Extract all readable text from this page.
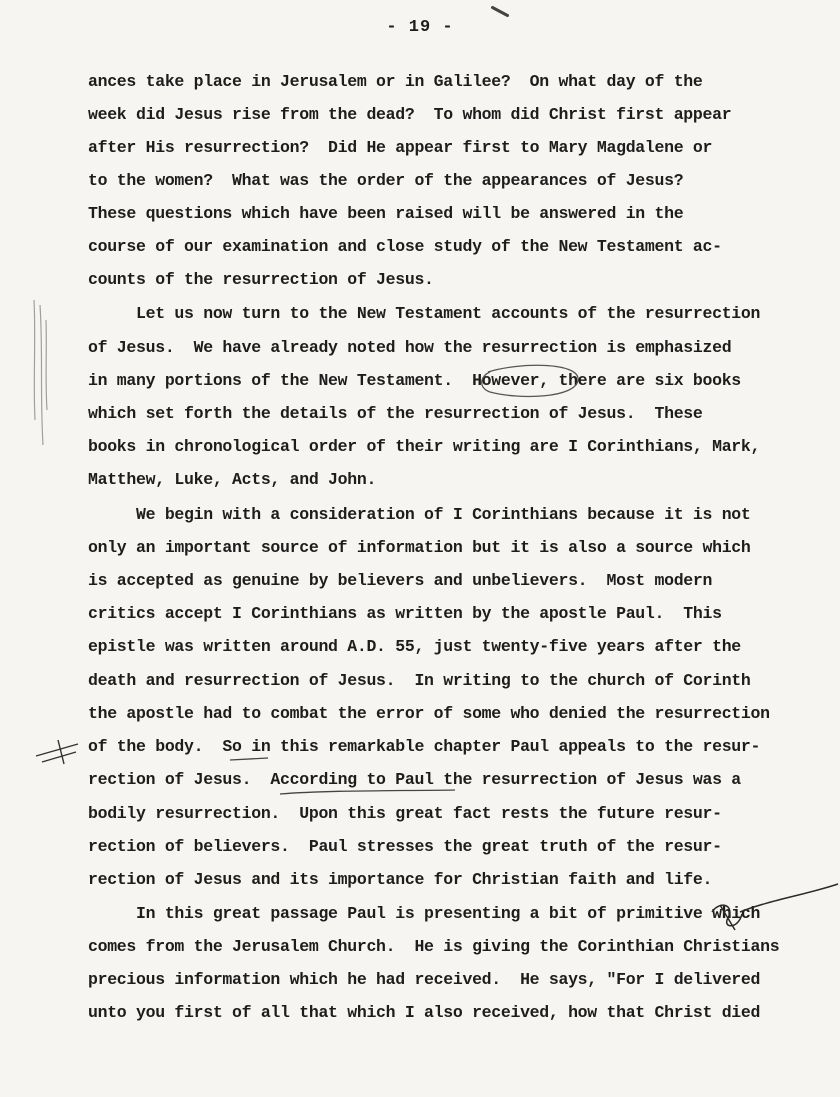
- 19 -
ances take place in Jerusalem or in Galilee?  On what day of the
week did Jesus rise from the dead?  To whom did Christ first appear
after His resurrection?  Did He appear first to Mary Magdalene or
to the women?  What was the order of the appearances of Jesus?
These questions which have been raised will be answered in the
course of our examination and close study of the New Testament ac-
counts of the resurrection of Jesus.
Let us now turn to the New Testament accounts of the resurrection
of Jesus.  We have already noted how the resurrection is emphasized
in many portions of the New Testament.  However, there are six books
which set forth the details of the resurrection of Jesus.  These
books in chronological order of their writing are I Corinthians, Mark,
Matthew, Luke, Acts, and John.
We begin with a consideration of I Corinthians because it is not
only an important source of information but it is also a source which
is accepted as genuine by believers and unbelievers.  Most modern
critics accept I Corinthians as written by the apostle Paul.  This
epistle was written around A.D. 55, just twenty-five years after the
death and resurrection of Jesus.  In writing to the church of Corinth
the apostle had to combat the error of some who denied the resurrection
of the body.  So in this remarkable chapter Paul appeals to the resur-
rection of Jesus.  According to Paul the resurrection of Jesus was a
bodily resurrection.  Upon this great fact rests the future resur-
rection of believers.  Paul stresses the great truth of the resur-
rection of Jesus and its importance for Christian faith and life.
In this great passage Paul is presenting a bit of primitive which
comes from the Jerusalem Church.  He is giving the Corinthian Christians
precious information which he had received.  He says, "For I delivered
unto you first of all that which I also received, how that Christ died
